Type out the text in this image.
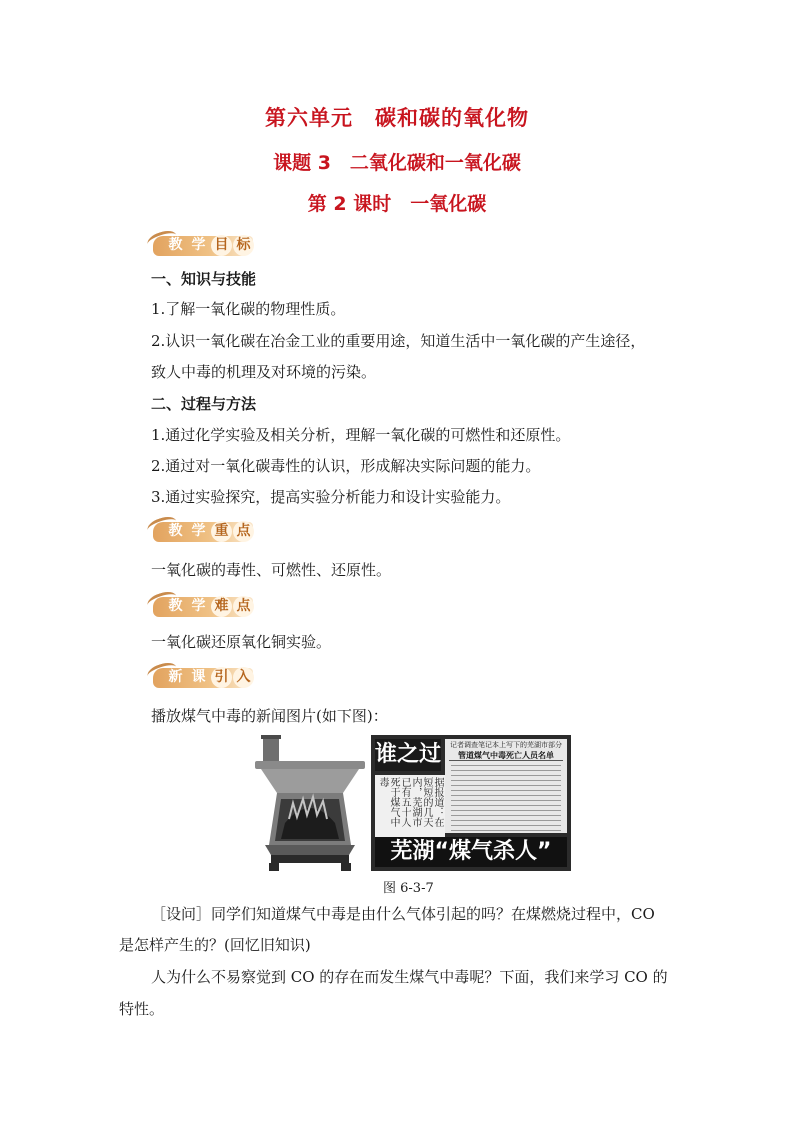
第六单元　碳和碳的氧化物
课题 3　二氧化碳和一氧化碳
第 2 课时　一氧化碳
教 学 目 标
一、知识与技能
1.了解一氧化碳的物理性质。
2.认识一氧化碳在冶金工业的重要用途，知道生活中一氧化碳的产生途径，
致人中毒的机理及对环境的污染。
二、过程与方法
1.通过化学实验及相关分析，理解一氧化碳的可燃性和还原性。
2.通过对一氧化碳毒性的认识，形成解决实际问题的能力。
3.通过实验探究，提高实验分析能力和设计实验能力。
教 学 重 点
一氧化碳的毒性、可燃性、还原性。
教 学 难 点
一氧化碳还原氧化铜实验。
新 课 引 入
播放煤气中毒的新闻图片(如下图)：
谁之过
据报道：在短短的几天内，芜湖市已有五十人死于煤气中毒
记者调查笔记本上写下的芜湖市部分
管道煤气中毒死亡人员名单
芜湖“煤气杀人”
图 6-3-7
［设问］同学们知道煤气中毒是由什么气体引起的吗？在煤燃烧过程中，CO
是怎样产生的？(回忆旧知识)
人为什么不易察觉到 CO 的存在而发生煤气中毒呢？下面，我们来学习 CO 的
特性。
